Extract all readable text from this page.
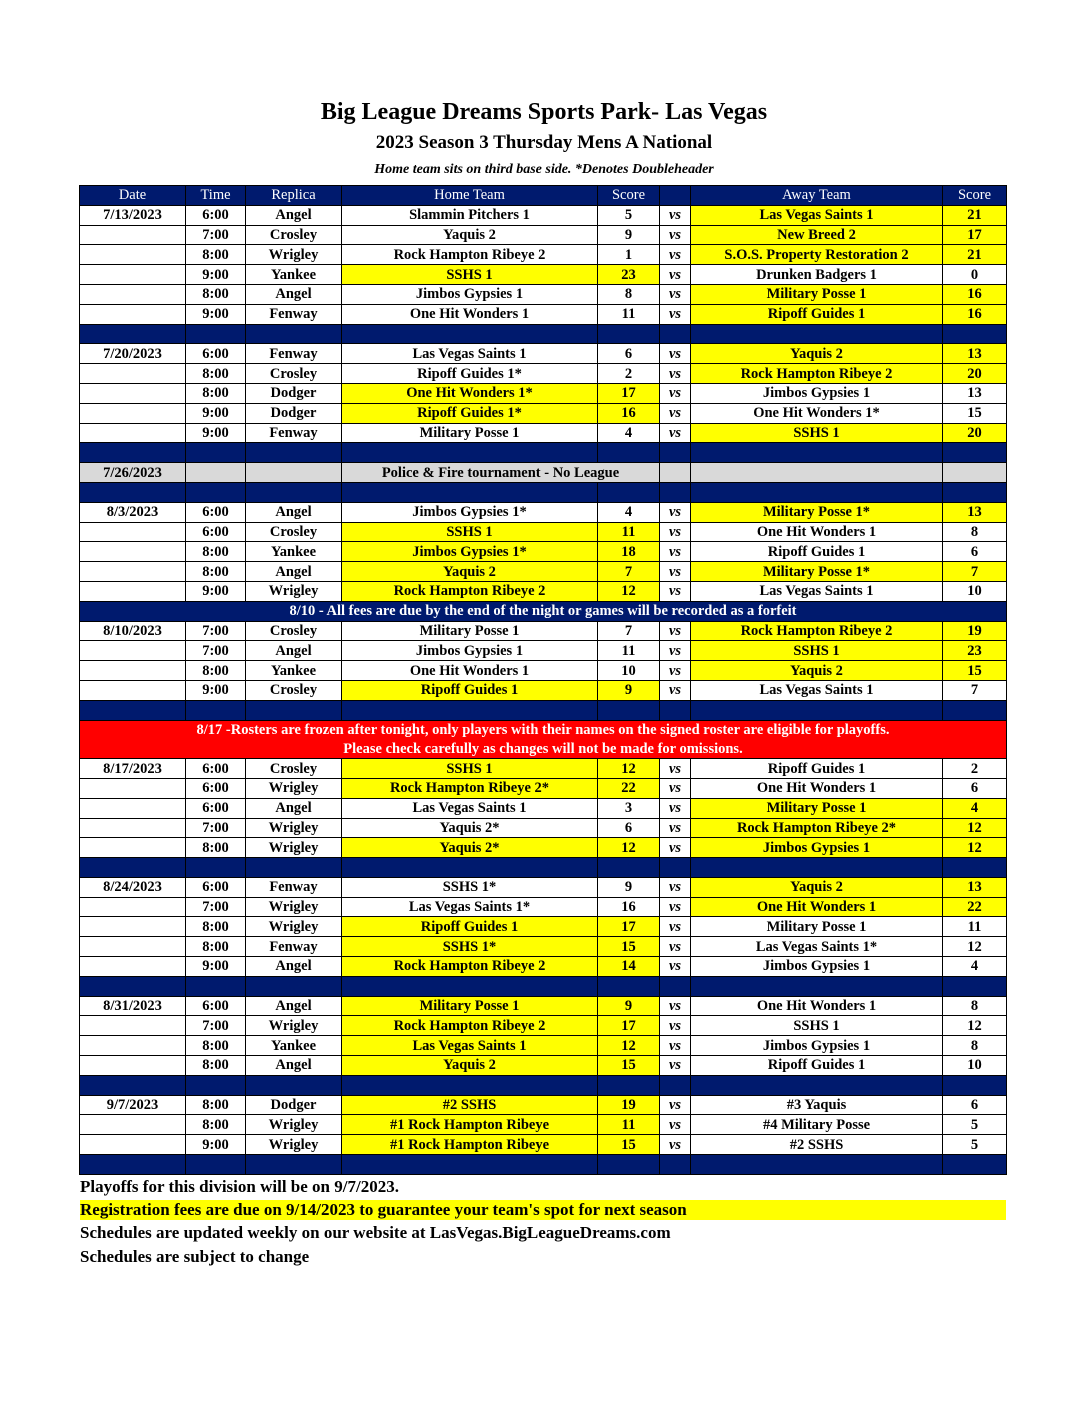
Big League Dreams Sports Park- Las Vegas
2023 Season 3 Thursday Mens A National
Home team sits on third base side. *Denotes Doubleheader
Date	Time	Replica	Home Team	Score		Away Team	Score
7/13/2023	6:00	Angel	Slammin Pitchers 1	5	vs	Las Vegas Saints 1	21
	7:00	Crosley	Yaquis 2	9	vs	New Breed 2	17
	8:00	Wrigley	Rock Hampton Ribeye 2	1	vs	S.O.S. Property Restoration 2	21
	9:00	Yankee	SSHS 1	23	vs	Drunken Badgers 1	0
	8:00	Angel	Jimbos Gypsies 1	8	vs	Military Posse 1	16
	9:00	Fenway	One Hit Wonders 1	11	vs	Ripoff Guides 1	16

7/20/2023	6:00	Fenway	Las Vegas Saints 1	6	vs	Yaquis 2	13
	8:00	Crosley	Ripoff Guides 1*	2	vs	Rock Hampton Ribeye 2	20
	8:00	Dodger	One Hit Wonders 1*	17	vs	Jimbos Gypsies 1	13
	9:00	Dodger	Ripoff Guides 1*	16	vs	One Hit Wonders 1*	15
	9:00	Fenway	Military Posse 1	4	vs	SSHS 1	20

7/26/2023			Police & Fire tournament - No League				

8/3/2023	6:00	Angel	Jimbos Gypsies 1*	4	vs	Military Posse 1*	13
	6:00	Crosley	SSHS 1	11	vs	One Hit Wonders 1	8
	8:00	Yankee	Jimbos Gypsies 1*	18	vs	Ripoff Guides 1	6
	8:00	Angel	Yaquis 2	7	vs	Military Posse 1*	7
	9:00	Wrigley	Rock Hampton Ribeye 2	12	vs	Las Vegas Saints 1	10
8/10 - All fees are due by the end of the night or games will be recorded as a forfeit							
8/10/2023	7:00	Crosley	Military Posse 1	7	vs	Rock Hampton Ribeye 2	19
	7:00	Angel	Jimbos Gypsies 1	11	vs	SSHS 1	23
	8:00	Yankee	One Hit Wonders 1	10	vs	Yaquis 2	15
	9:00	Crosley	Ripoff Guides 1	9	vs	Las Vegas Saints 1	7

8/17 -Rosters are frozen after tonight, only players with their names on the signed roster are eligible for playoffs.							
Please check carefully as changes will not be made for omissions.							
8/17/2023	6:00	Crosley	SSHS 1	12	vs	Ripoff Guides 1	2
	6:00	Wrigley	Rock Hampton Ribeye 2*	22	vs	One Hit Wonders 1	6
	6:00	Angel	Las Vegas Saints 1	3	vs	Military Posse 1	4
	7:00	Wrigley	Yaquis 2*	6	vs	Rock Hampton Ribeye 2*	12
	8:00	Wrigley	Yaquis 2*	12	vs	Jimbos Gypsies 1	12

8/24/2023	6:00	Fenway	SSHS 1*	9	vs	Yaquis 2	13
	7:00	Wrigley	Las Vegas Saints 1*	16	vs	One Hit Wonders 1	22
	8:00	Wrigley	Ripoff Guides 1	17	vs	Military Posse 1	11
	8:00	Fenway	SSHS 1*	15	vs	Las Vegas Saints 1*	12
	9:00	Angel	Rock Hampton Ribeye 2	14	vs	Jimbos Gypsies 1	4

8/31/2023	6:00	Angel	Military Posse 1	9	vs	One Hit Wonders 1	8
	7:00	Wrigley	Rock Hampton Ribeye 2	17	vs	SSHS 1	12
	8:00	Yankee	Las Vegas Saints 1	12	vs	Jimbos Gypsies 1	8
	8:00	Angel	Yaquis 2	15	vs	Ripoff Guides 1	10

9/7/2023	8:00	Dodger	#2 SSHS	19	vs	#3 Yaquis	6
	8:00	Wrigley	#1 Rock Hampton Ribeye	11	vs	#4 Military Posse	5
	9:00	Wrigley	#1 Rock Hampton Ribeye	15	vs	#2 SSHS	5

Playoffs for this division will be on 9/7/2023.
Registration fees are due on 9/14/2023 to guarantee your team's spot for next season
Schedules are updated weekly on our website at LasVegas.BigLeagueDreams.com
Schedules are subject to change
